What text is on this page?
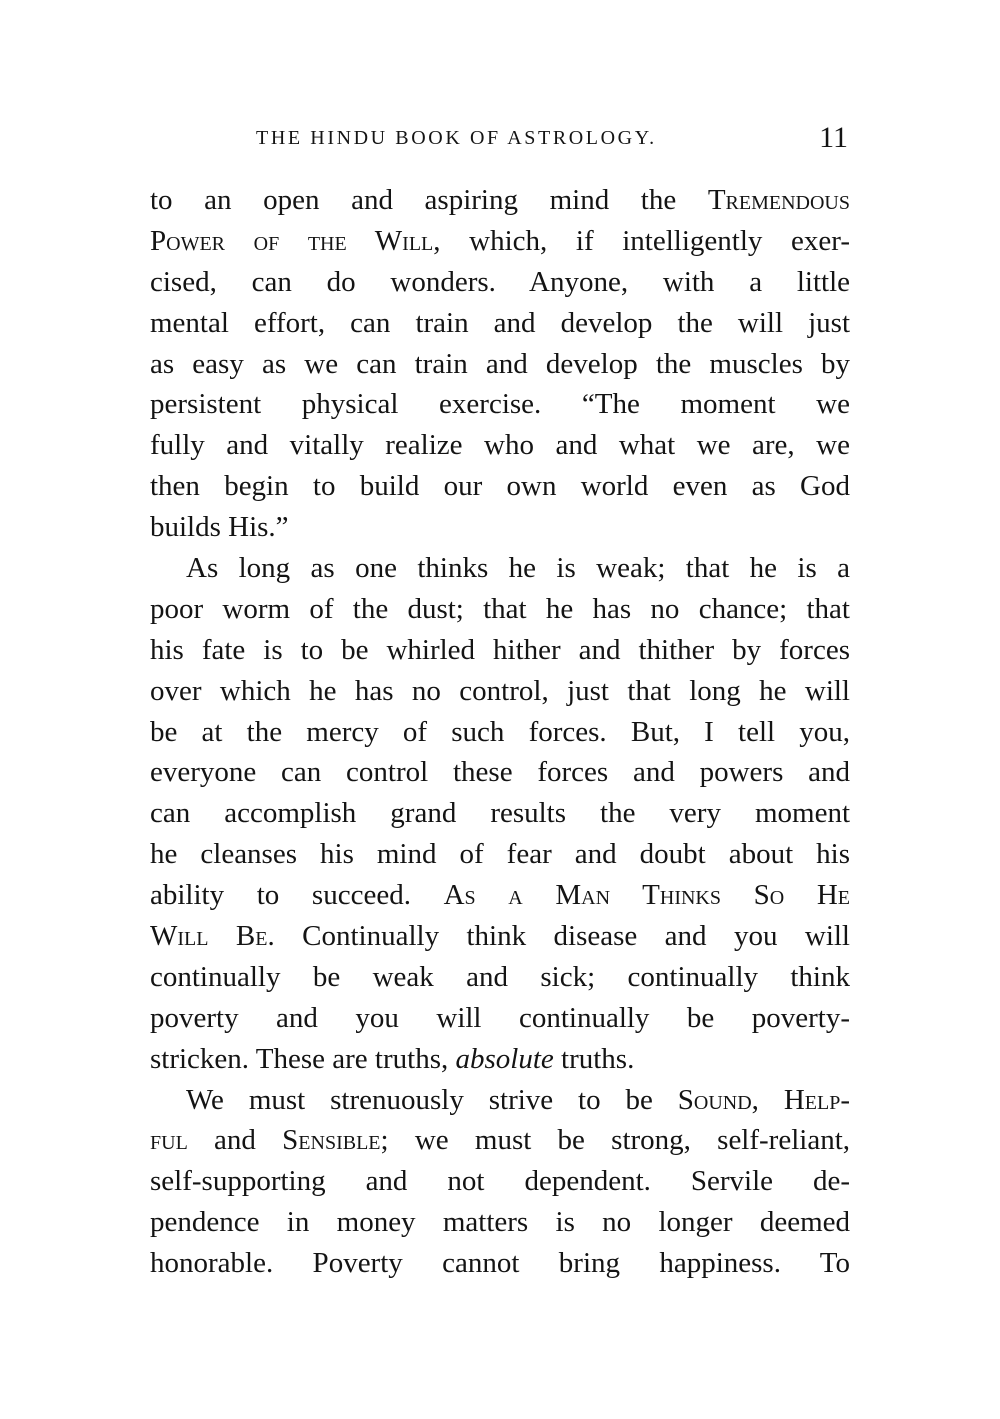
THE HINDU BOOK OF ASTROLOGY.	11
to an open and aspiring mind the Tremendous
Power of the Will, which, if intelligently exer-
cised, can do wonders. Anyone, with a little
mental effort, can train and develop the will just
as easy as we can train and develop the muscles by
persistent physical exercise. “The moment we
fully and vitally realize who and what we are, we
then begin to build our own world even as God
builds His.”
As long as one thinks he is weak; that he is a
poor worm of the dust; that he has no chance; that
his fate is to be whirled hither and thither by forces
over which he has no control, just that long he will
be at the mercy of such forces. But, I tell you,
everyone can control these forces and powers and
can accomplish grand results the very moment
he cleanses his mind of fear and doubt about his
ability to succeed. As a Man Thinks So He
Will Be. Continually think disease and you will
continually be weak and sick; continually think
poverty and you will continually be poverty-
stricken. These are truths, absolute truths.
We must strenuously strive to be Sound, Help-
ful and Sensible; we must be strong, self-reliant,
self-supporting and not dependent. Servile de-
pendence in money matters is no longer deemed
honorable. Poverty cannot bring happiness. To
